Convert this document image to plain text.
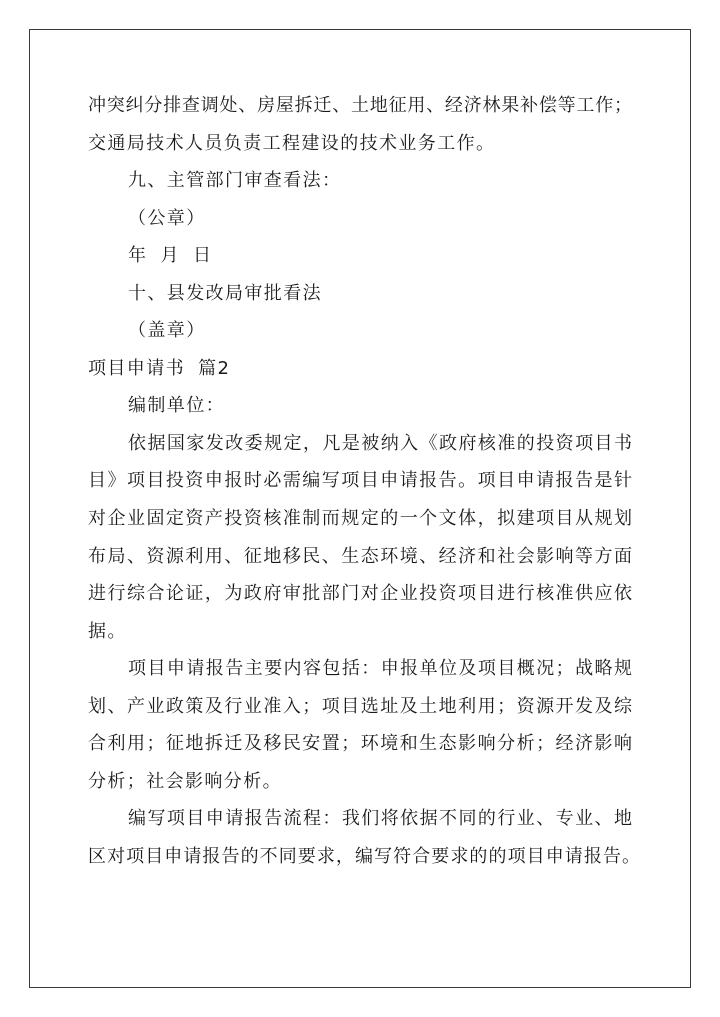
冲突纠分排查调处、房屋拆迁、土地征用、经济林果补偿等工作；
交通局技术人员负责工程建设的技术业务工作。
九、主管部门审查看法：
（公章）
年 月 日
十、县发改局审批看法
（盖章）
项目申请书 篇2
编制单位：
依据国家发改委规定，凡是被纳入《政府核准的投资项目书
目》项目投资申报时必需编写项目申请报告。项目申请报告是针
对企业固定资产投资核准制而规定的一个文体，拟建项目从规划
布局、资源利用、征地移民、生态环境、经济和社会影响等方面
进行综合论证，为政府审批部门对企业投资项目进行核准供应依
据。
项目申请报告主要内容包括：申报单位及项目概况；战略规
划、产业政策及行业准入；项目选址及土地利用；资源开发及综
合利用；征地拆迁及移民安置；环境和生态影响分析；经济影响
分析；社会影响分析。
编写项目申请报告流程：我们将依据不同的行业、专业、地
区对项目申请报告的不同要求，编写符合要求的的项目申请报告。
